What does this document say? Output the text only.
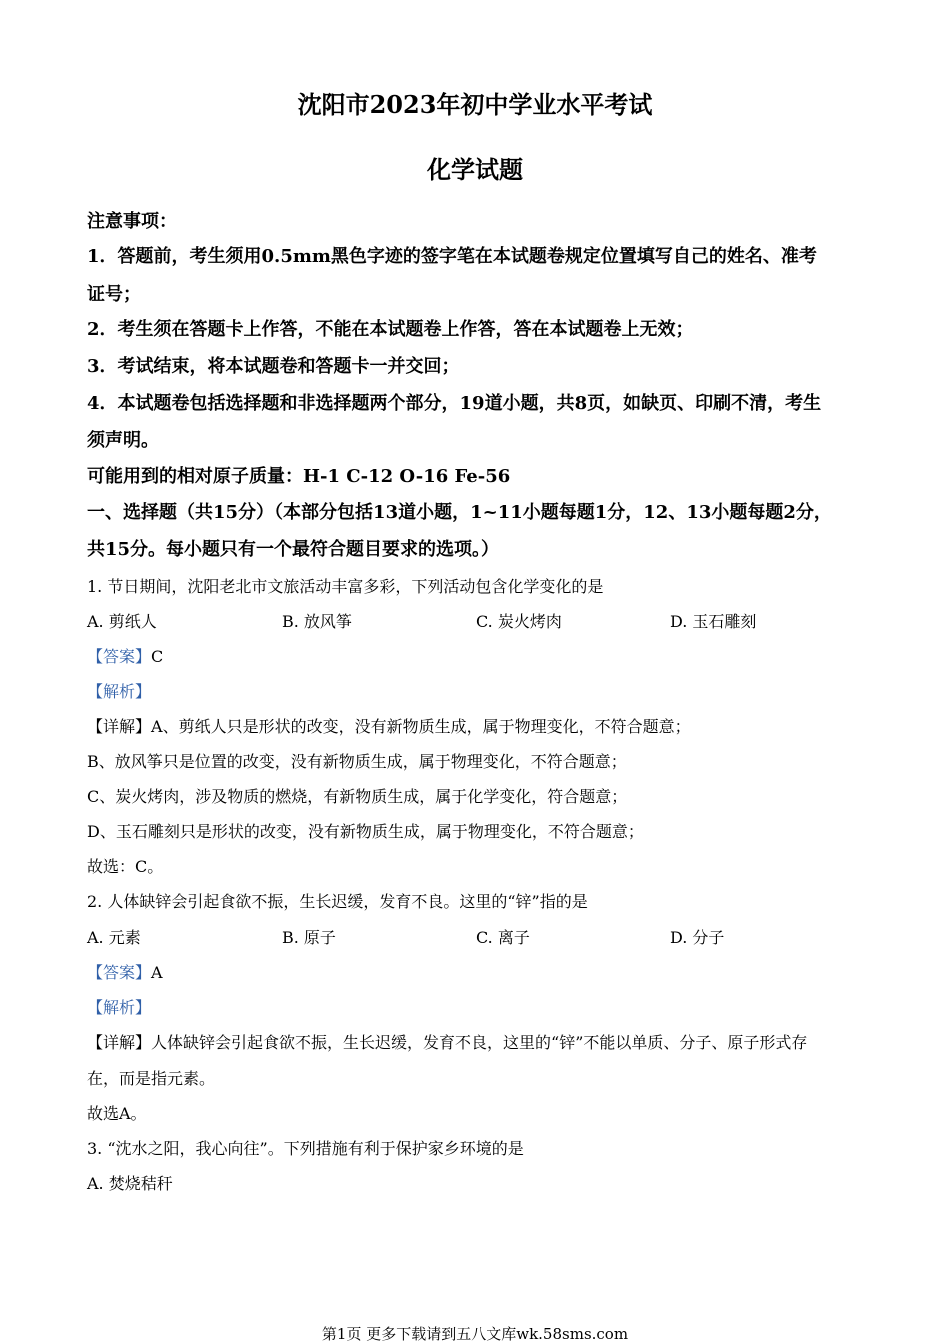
沈阳市2023年初中学业水平考试
化学试题
注意事项：
1．答题前，考生须用0.5mm黑色字迹的签字笔在本试题卷规定位置填写自己的姓名、准考
证号；
2．考生须在答题卡上作答，不能在本试题卷上作答，答在本试题卷上无效；
3．考试结束，将本试题卷和答题卡一并交回；
4．本试题卷包括选择题和非选择题两个部分，19道小题，共8页，如缺页、印刷不清，考生
须声明。
可能用到的相对原子质量：H-1 C-12 O-16 Fe-56
一、选择题（共15分）（本部分包括13道小题，1~11小题每题1分，12、13小题每题2分，
共15分。每小题只有一个最符合题目要求的选项。）
1. 节日期间，沈阳老北市文旅活动丰富多彩，下列活动包含化学变化的是
A. 剪纸人	B. 放风筝	C. 炭火烤肉	D. 玉石雕刻
【答案】C
【解析】
【详解】A、剪纸人只是形状的改变，没有新物质生成，属于物理变化，不符合题意；
B、放风筝只是位置的改变，没有新物质生成，属于物理变化，不符合题意；
C、炭火烤肉，涉及物质的燃烧，有新物质生成，属于化学变化，符合题意；
D、玉石雕刻只是形状的改变，没有新物质生成，属于物理变化，不符合题意；
故选：C。
2. 人体缺锌会引起食欲不振，生长迟缓，发育不良。这里的“锌”指的是
A. 元素	B. 原子	C. 离子	D. 分子
【答案】A
【解析】
【详解】人体缺锌会引起食欲不振，生长迟缓，发育不良，这里的“锌”不能以单质、分子、原子形式存
在，而是指元素。
故选A。
3. “沈水之阳，我心向往”。下列措施有利于保护家乡环境的是
A. 焚烧秸秆
第1页 更多下载请到五八文库wk.58sms.com
